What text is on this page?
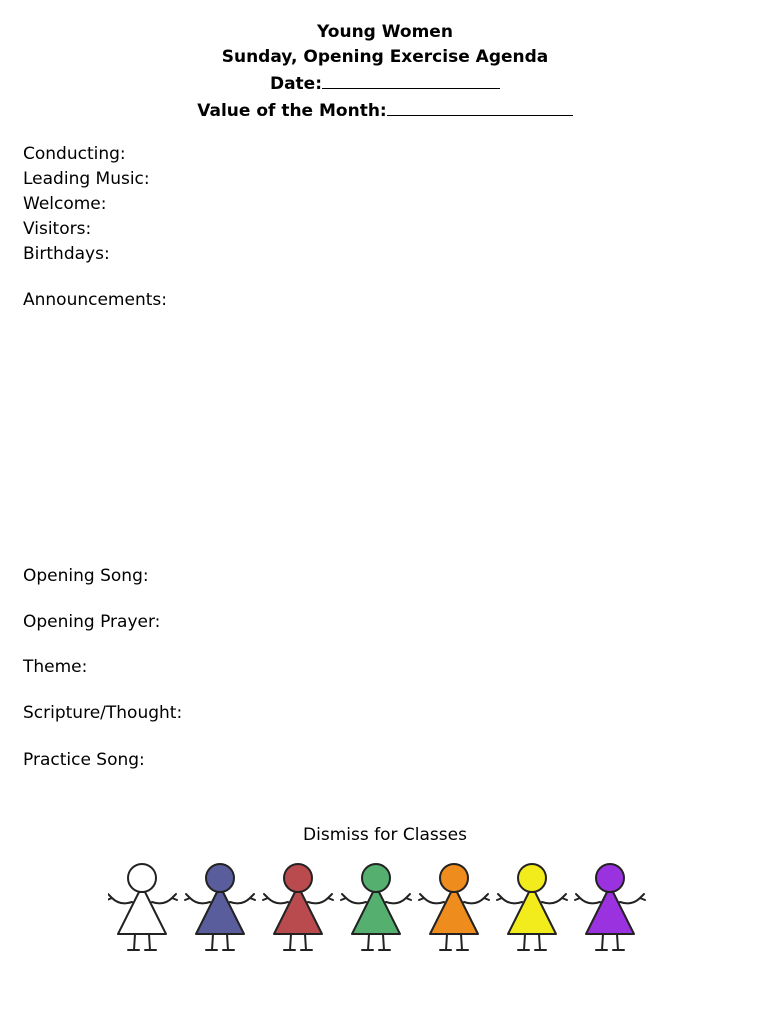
Young Women
Sunday, Opening Exercise Agenda
Date:
Value of the Month:
Conducting:
Leading Music:
Welcome:
Visitors:
Birthdays:
Announcements:
Opening Song:
Opening Prayer:
Theme:
Scripture/Thought:
Practice Song:
Dismiss for Classes
